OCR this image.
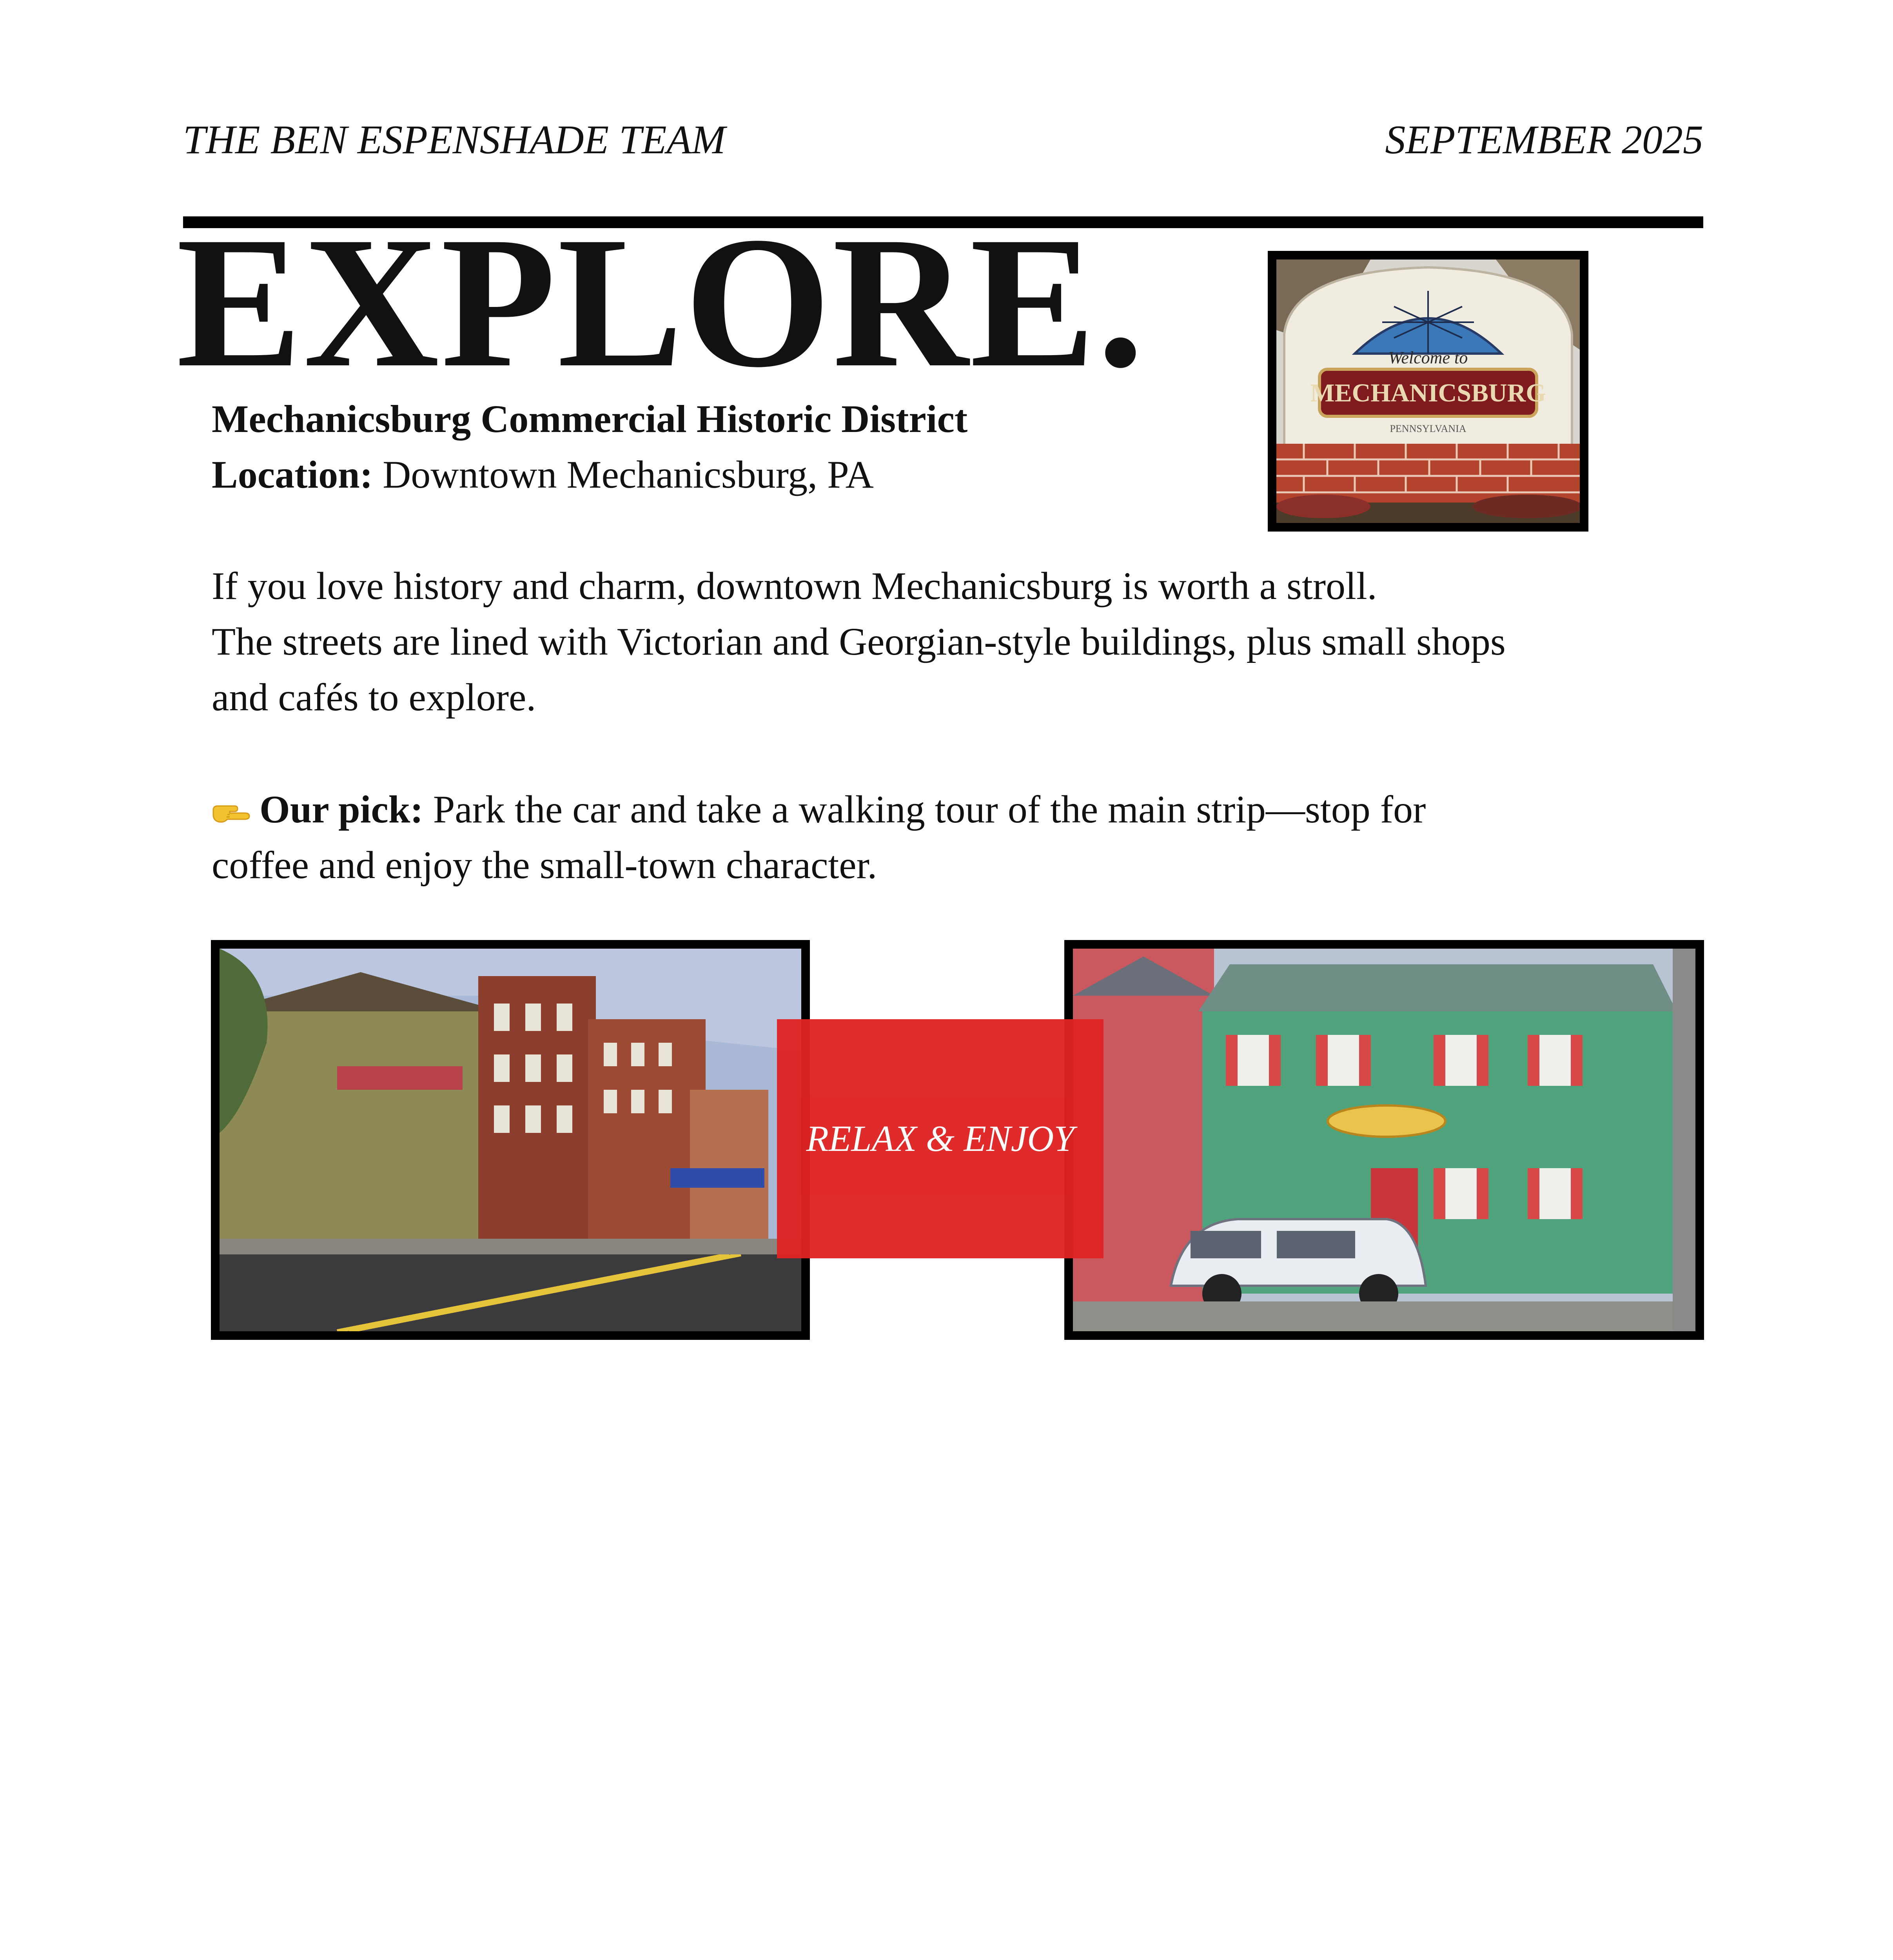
THE BEN ESPENSHADE TEAM	SEPTEMBER 2025
EXPLORE.	Welcome to
MECHANICSBURG
PENNSYLVANIA
Mechanicsburg Commercial Historic District
Location: Downtown Mechanicsburg, PA
If you love history and charm, downtown Mechanicsburg is worth a stroll.
The streets are lined with Victorian and Georgian-style buildings, plus small shops
and cafés to explore.
Our pick: Park the car and take a walking tour of the main strip—stop for
coffee and enjoy the small-town character.
RELAX & ENJOY
